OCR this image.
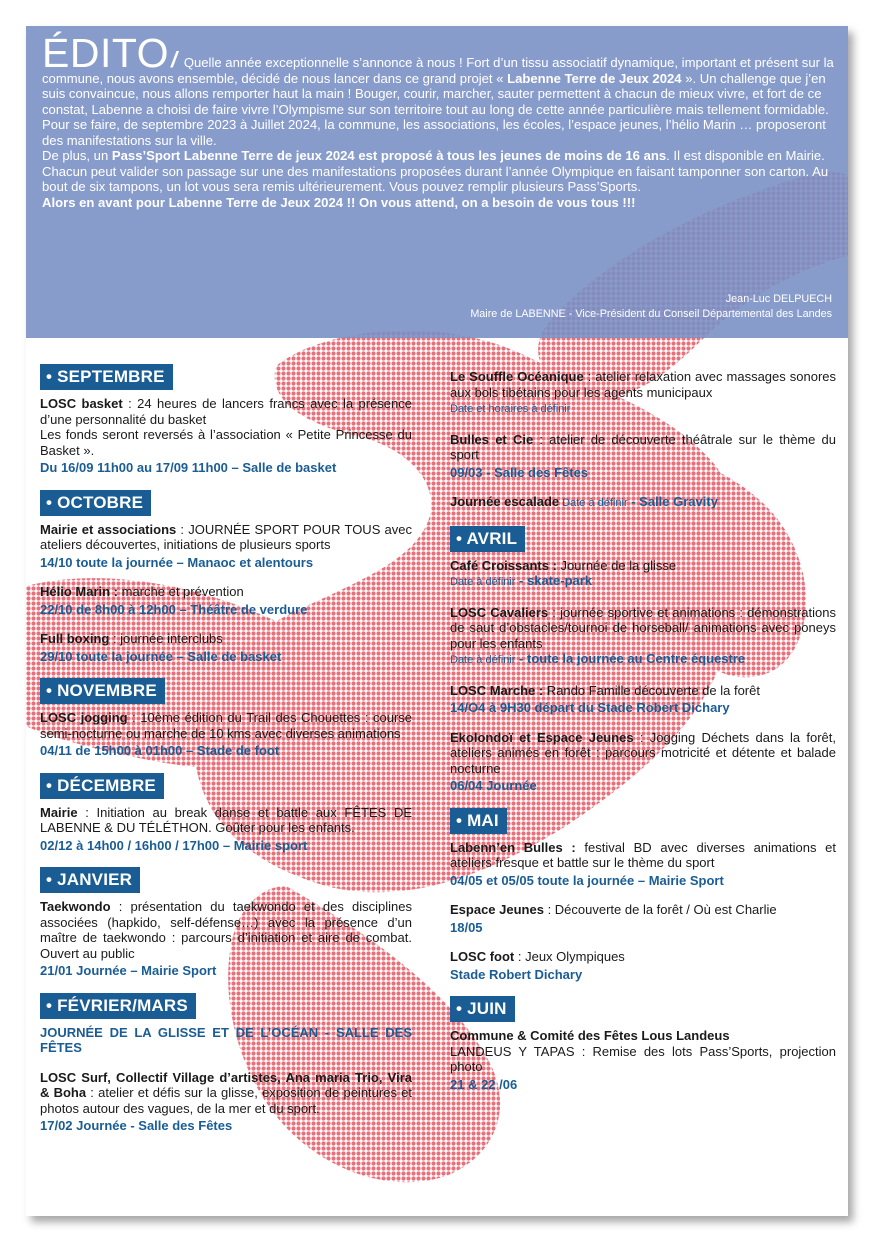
ÉDITO/ Quelle année exceptionnelle s’annonce à nous ! Fort d’un tissu associatif dynamique, important et présent sur la commune, nous avons ensemble, décidé de nous lancer dans ce grand projet « Labenne Terre de Jeux 2024 ». Un challenge que j’en suis convaincue, nous allons remporter haut la main ! Bouger, courir, marcher, sauter permettent à chacun de mieux vivre, et fort de ce constat, Labenne a choisi de faire vivre l’Olympisme sur son territoire tout au long de cette année particulière mais tellement formidable.

Pour se faire, de septembre 2023 à Juillet 2024, la commune, les associations, les écoles, l’espace jeunes, l’hélio Marin … proposeront des manifestations sur la ville.

De plus, un Pass’Sport Labenne Terre de jeux 2024 est proposé à tous les jeunes de moins de 16 ans. Il est disponible en Mairie. Chacun peut valider son passage sur une des manifestations proposées durant l’année Olympique en faisant tamponner son carton. Au bout de six tampons, un lot vous sera remis ultérieurement. Vous pouvez remplir plusieurs Pass’Sports.

Alors en avant pour Labenne Terre de Jeux 2024 !! On vous attend, on a besoin de vous tous !!!

Jean-Luc DELPUECH
Maire de LABENNE - Vice-Président du Conseil Départemental des Landes
• SEPTEMBRE
LOSC basket : 24 heures de lancers francs avec la présence d’une personnalité du basket
Les fonds seront reversés à l’association « Petite Princesse du Basket ».
Du 16/09 11h00 au 17/09 11h00 – Salle de basket
• OCTOBRE
Mairie et associations : JOURNÉE SPORT POUR TOUS avec ateliers découvertes, initiations de plusieurs sports
14/10 toute la journée – Manaoc et alentours
Hélio Marin : marche et prévention
22/10 de 8h00 à 12h00 – Théâtre de verdure
Full boxing : journée interclubs
29/10 toute la journée – Salle de basket
• NOVEMBRE
LOSC jogging : 10ème édition du Trail des Chouettes : course semi-nocturne ou marche de 10 kms avec diverses animations
04/11 de 15h00 à 01h00 – Stade de foot
• DÉCEMBRE
Mairie : Initiation au break danse et battle aux FÊTES DE LABENNE & DU TÉLÉTHON. Goûter pour les enfants.
02/12 à 14h00 / 16h00 / 17h00 – Mairie sport
• JANVIER
Taekwondo : présentation du taekwondo et des disciplines associées (hapkido, self-défense…) avec la présence d’un maître de taekwondo : parcours d’initiation et aire de combat. Ouvert au public
21/01 Journée – Mairie Sport
• FÉVRIER/MARS
JOURNÉE DE LA GLISSE ET DE L’OCÉAN - SALLE DES FÊTES
LOSC Surf, Collectif Village d’artistes, Ana maria Trio, Vira & Boha : atelier et défis sur la glisse, exposition de peintures et photos autour des vagues, de la mer et du sport.
17/02 Journée - Salle des Fêtes
Le Souffle Océanique : atelier relaxation avec massages sonores aux bols tibétains pour les agents municipaux
Date et horaires à définir
Bulles et Cie : atelier de découverte théâtrale sur le thème du sport
09/03 - Salle des Fêtes
Journée escalade Date à définir - Salle Gravity
• AVRIL
Café Croissants : Journée de la glisse
Date à définir - skate-park
LOSC Cavaliers : journée sportive et animations : démonstrations de saut d’obstacles/tournoi de horseball/ animations avec poneys pour les enfants
Date à définir - toute la journée au Centre équestre
LOSC Marche : Rando Famille découverte de la forêt
14/O4 à 9H30 départ du Stade Robert Dichary
Ekolondoï et Espace Jeunes : Jogging Déchets dans la forêt, ateliers animés en forêt : parcours motricité et détente et balade nocturne
06/04 Journée
• MAI
Labenn’en Bulles : festival BD avec diverses animations et ateliers fresque et battle sur le thème du sport
04/05 et 05/05 toute la journée – Mairie Sport
Espace Jeunes : Découverte de la forêt / Où est Charlie
18/05
LOSC foot : Jeux Olympiques
Stade Robert Dichary
• JUIN
Commune & Comité des Fêtes Lous Landeus
LANDEUS Y TAPAS : Remise des lots Pass’Sports, projection photo
21 & 22 /06
